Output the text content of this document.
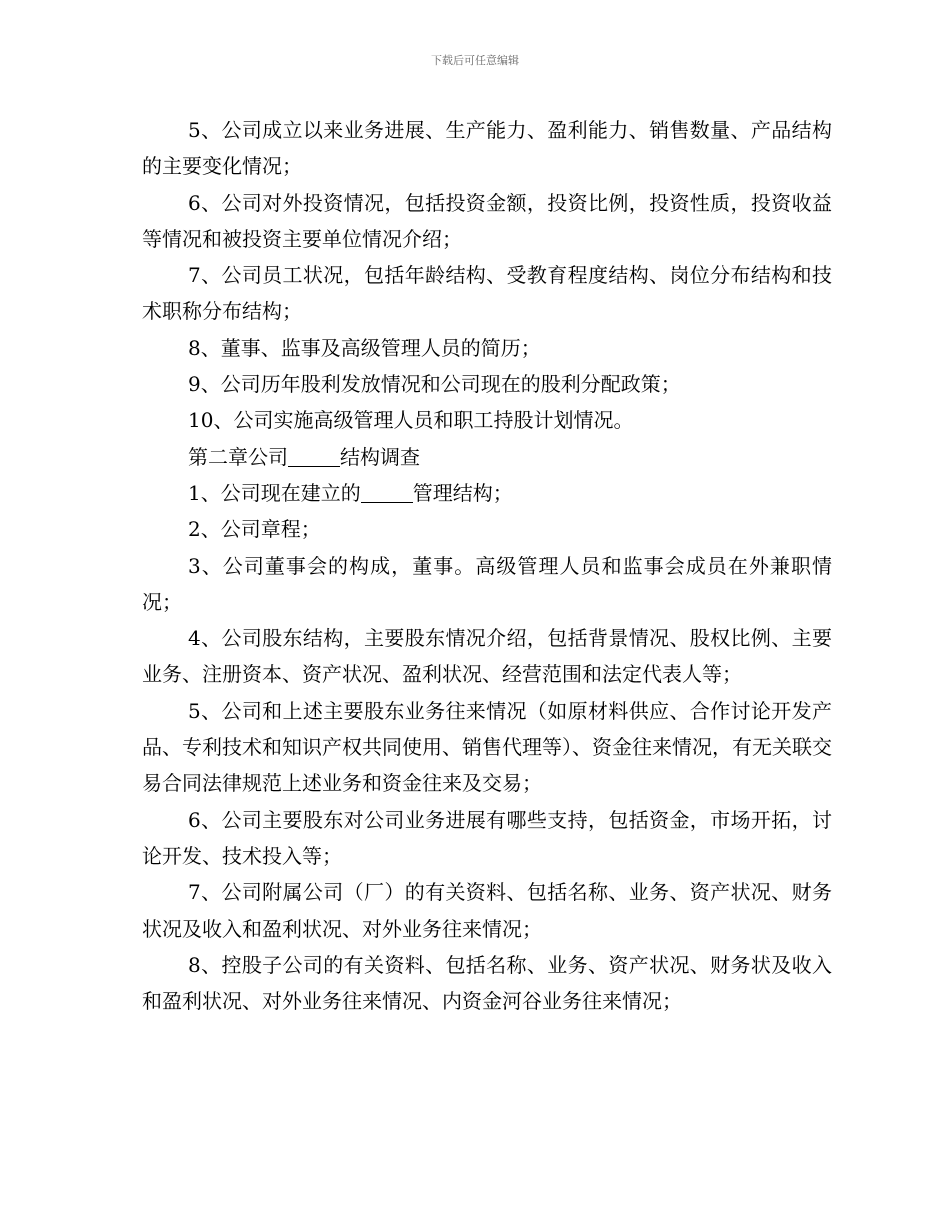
下载后可任意编辑

5、公司成立以来业务进展、生产能力、盈利能力、销售数量、产品结构的主要变化情况；

6、公司对外投资情况，包括投资金额，投资比例，投资性质，投资收益等情况和被投资主要单位情况介绍；

7、公司员工状况，包括年龄结构、受教育程度结构、岗位分布结构和技术职称分布结构；

8、董事、监事及高级管理人员的简历；

9、公司历年股利发放情况和公司现在的股利分配政策；

10、公司实施高级管理人员和职工持股计划情况。

第二章公司	结构调查

1、公司现在建立的	管理结构；

2、公司章程；

3、公司董事会的构成，董事。高级管理人员和监事会成员在外兼职情况；

4、公司股东结构，主要股东情况介绍，包括背景情况、股权比例、主要业务、注册资本、资产状况、盈利状况、经营范围和法定代表人等；

5、公司和上述主要股东业务往来情况（如原材料供应、合作讨论开发产品、专利技术和知识产权共同使用、销售代理等）、资金往来情况，有无关联交易合同法律规范上述业务和资金往来及交易；

6、公司主要股东对公司业务进展有哪些支持，包括资金，市场开拓，讨论开发、技术投入等；

7、公司附属公司（厂）的有关资料、包括名称、业务、资产状况、财务状况及收入和盈利状况、对外业务往来情况；

8、控股子公司的有关资料、包括名称、业务、资产状况、财务状及收入和盈利状况、对外业务往来情况、内资金河谷业务往来情况；
